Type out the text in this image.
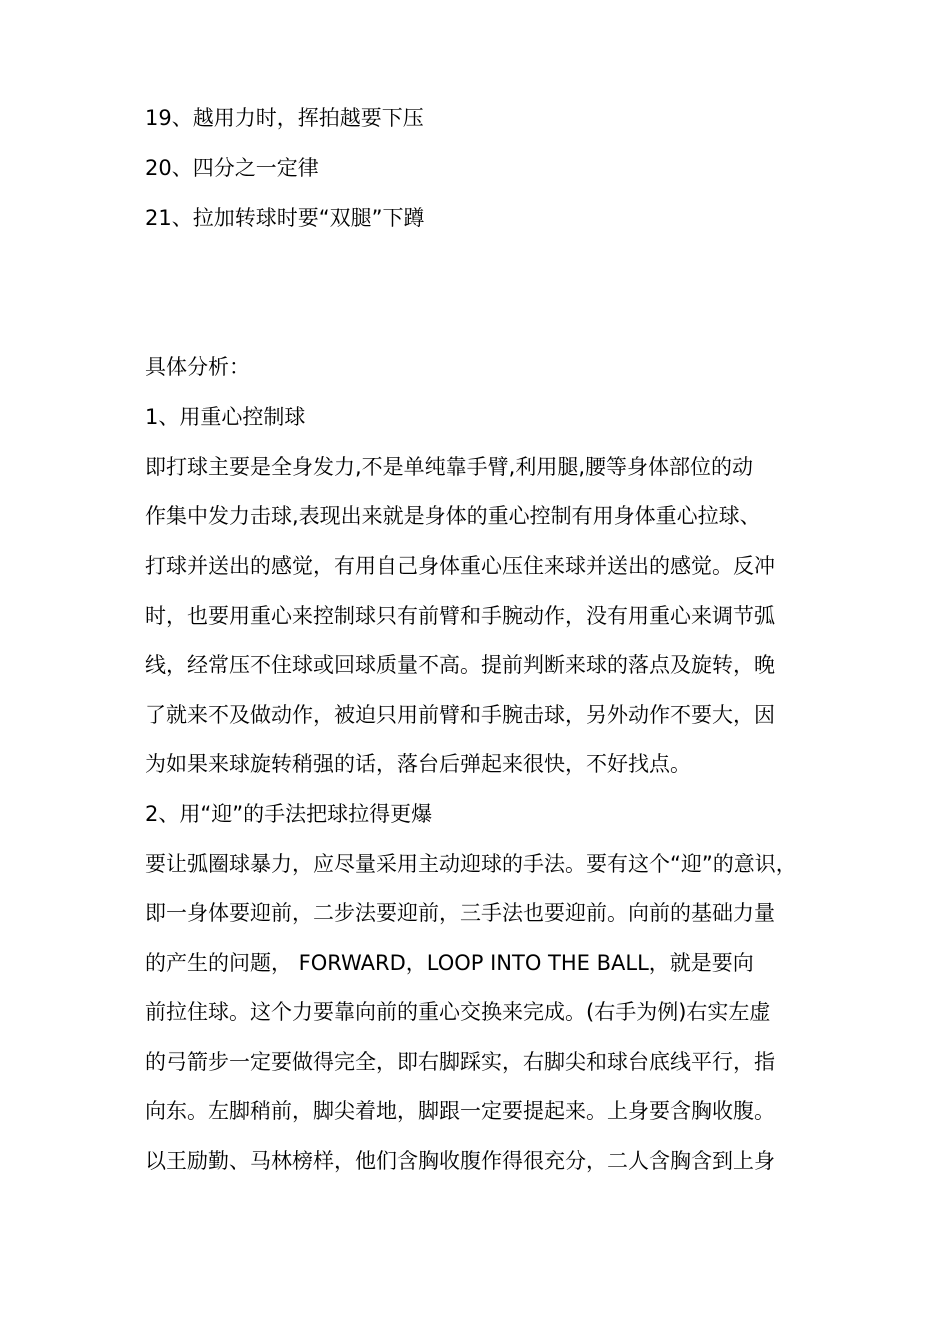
19、越用力时，挥拍越要下压
20、四分之一定律
21、拉加转球时要“双腿”下蹲
具体分析：
1、用重心控制球
即打球主要是全身发力,不是单纯靠手臂,利用腿,腰等身体部位的动
作集中发力击球,表现出来就是身体的重心控制有用身体重心拉球、
打球并送出的感觉，有用自己身体重心压住来球并送出的感觉。反冲
时，也要用重心来控制球只有前臂和手腕动作，没有用重心来调节弧
线，经常压不住球或回球质量不高。提前判断来球的落点及旋转，晚
了就来不及做动作，被迫只用前臂和手腕击球，另外动作不要大，因
为如果来球旋转稍强的话，落台后弹起来很快，不好找点。
2、用“迎”的手法把球拉得更爆
要让弧圈球暴力，应尽量采用主动迎球的手法。要有这个“迎”的意识，
即一身体要迎前，二步法要迎前，三手法也要迎前。向前的基础力量
的产生的问题， FORWARD，LOOP INTO THE BALL，就是要向
前拉住球。这个力要靠向前的重心交换来完成。(右手为例)右实左虚
的弓箭步一定要做得完全，即右脚踩实，右脚尖和球台底线平行，指
向东。左脚稍前，脚尖着地，脚跟一定要提起来。上身要含胸收腹。
以王励勤、马林榜样，他们含胸收腹作得很充分，二人含胸含到上身
